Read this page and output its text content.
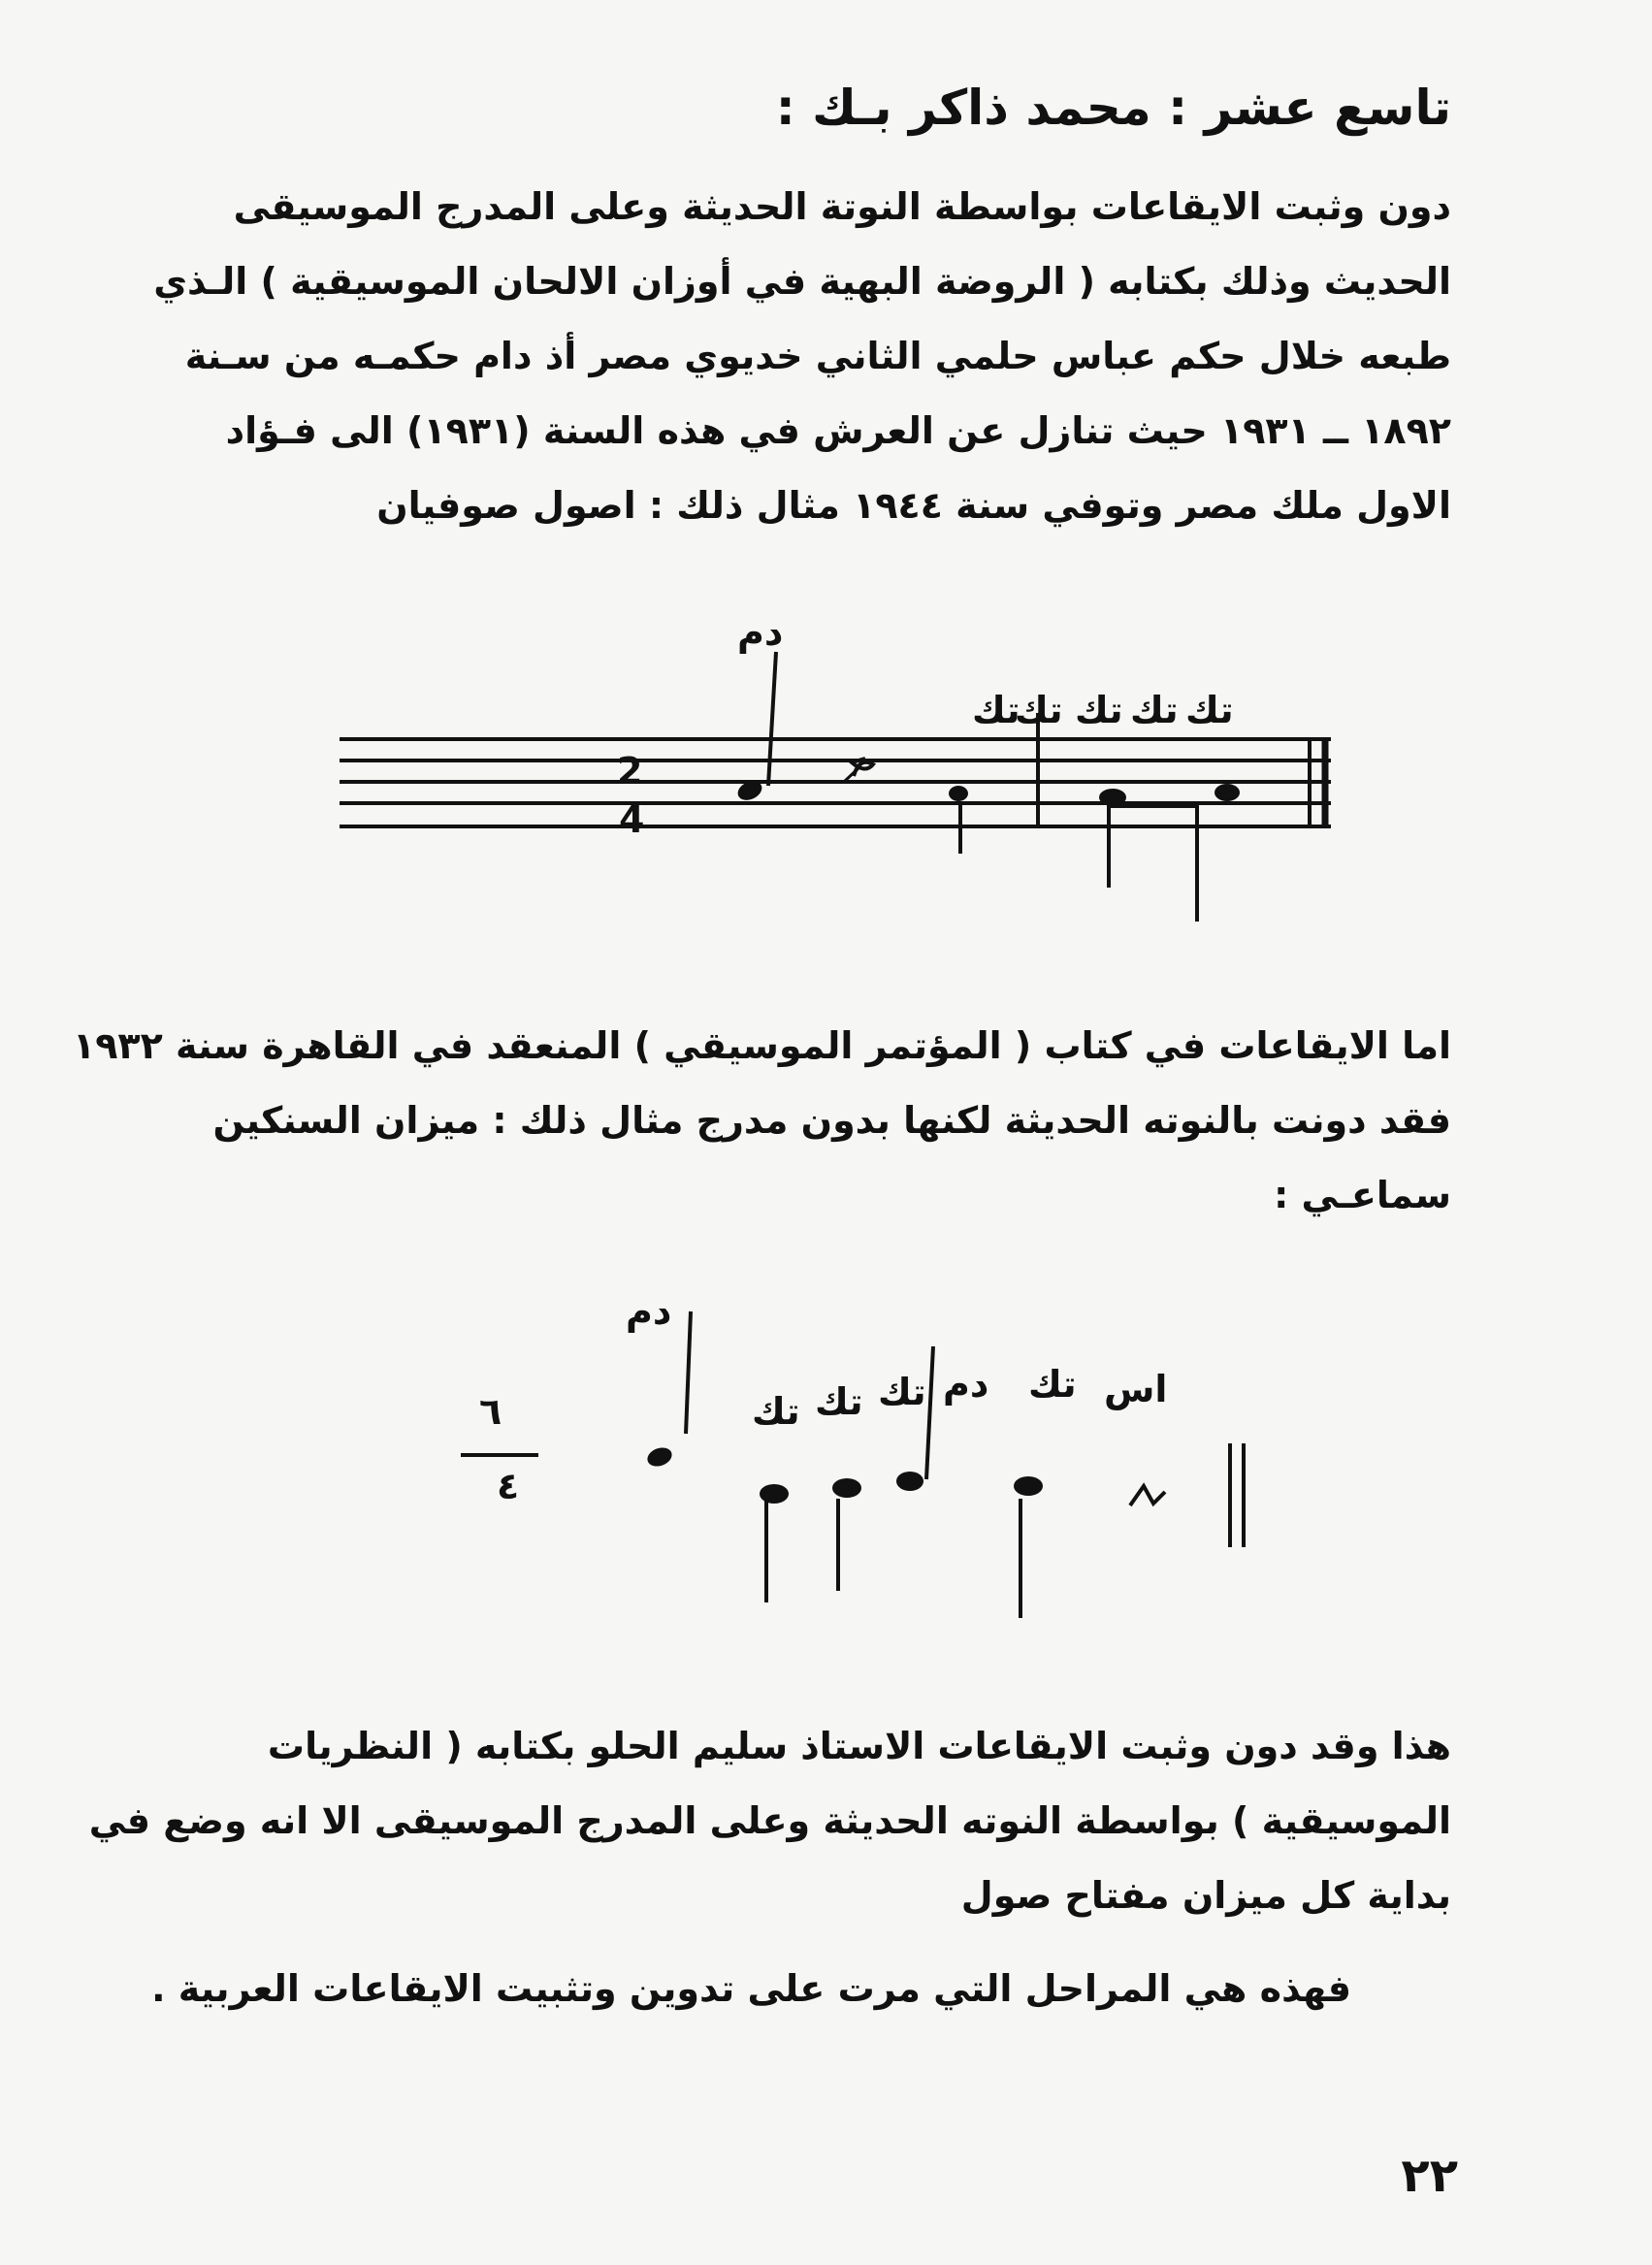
تاسع عشر : محمد ذاكر بـك :

دون وثبت الايقاعات بواسطة النوتة الحديثة وعلى المدرج الموسيقى
الحديث وذلك بكتابه ( الروضة البهية في أوزان الالحان الموسيقية ) الـذي
طبعه خلال حكم عباس حلمي الثاني خديوي مصر أذ دام حكمـه من سـنة
١٨٩٢ ــ ١٩٣١ حيث تنازل عن العرش في هذه السنة (١٩٣١) الى فـؤاد
الاول ملك مصر وتوفي سنة ١٩٤٤ مثال ذلك : اصول صوفيان

2
4
دم
تك
تك تك تك تك

اما الايقاعات في كتاب ( المؤتمر الموسيقي ) المنعقد في القاهرة سنة ١٩٣٢
فقد دونت بالنوته الحديثة لكنها بدون مدرج مثال ذلك : ميزان السنكين
سماعـي :

٦
٤
دم
تك تك تك دم تك اس

هذا وقد دون وثبت الايقاعات الاستاذ سليم الحلو بكتابه ( النظريات
الموسيقية ) بواسطة النوته الحديثة وعلى المدرج الموسيقى الا انه وضع في
بداية كل ميزان مفتاح صول

فهذه هي المراحل التي مرت على تدوين وتثبيت الايقاعات العربية .

٢٢
